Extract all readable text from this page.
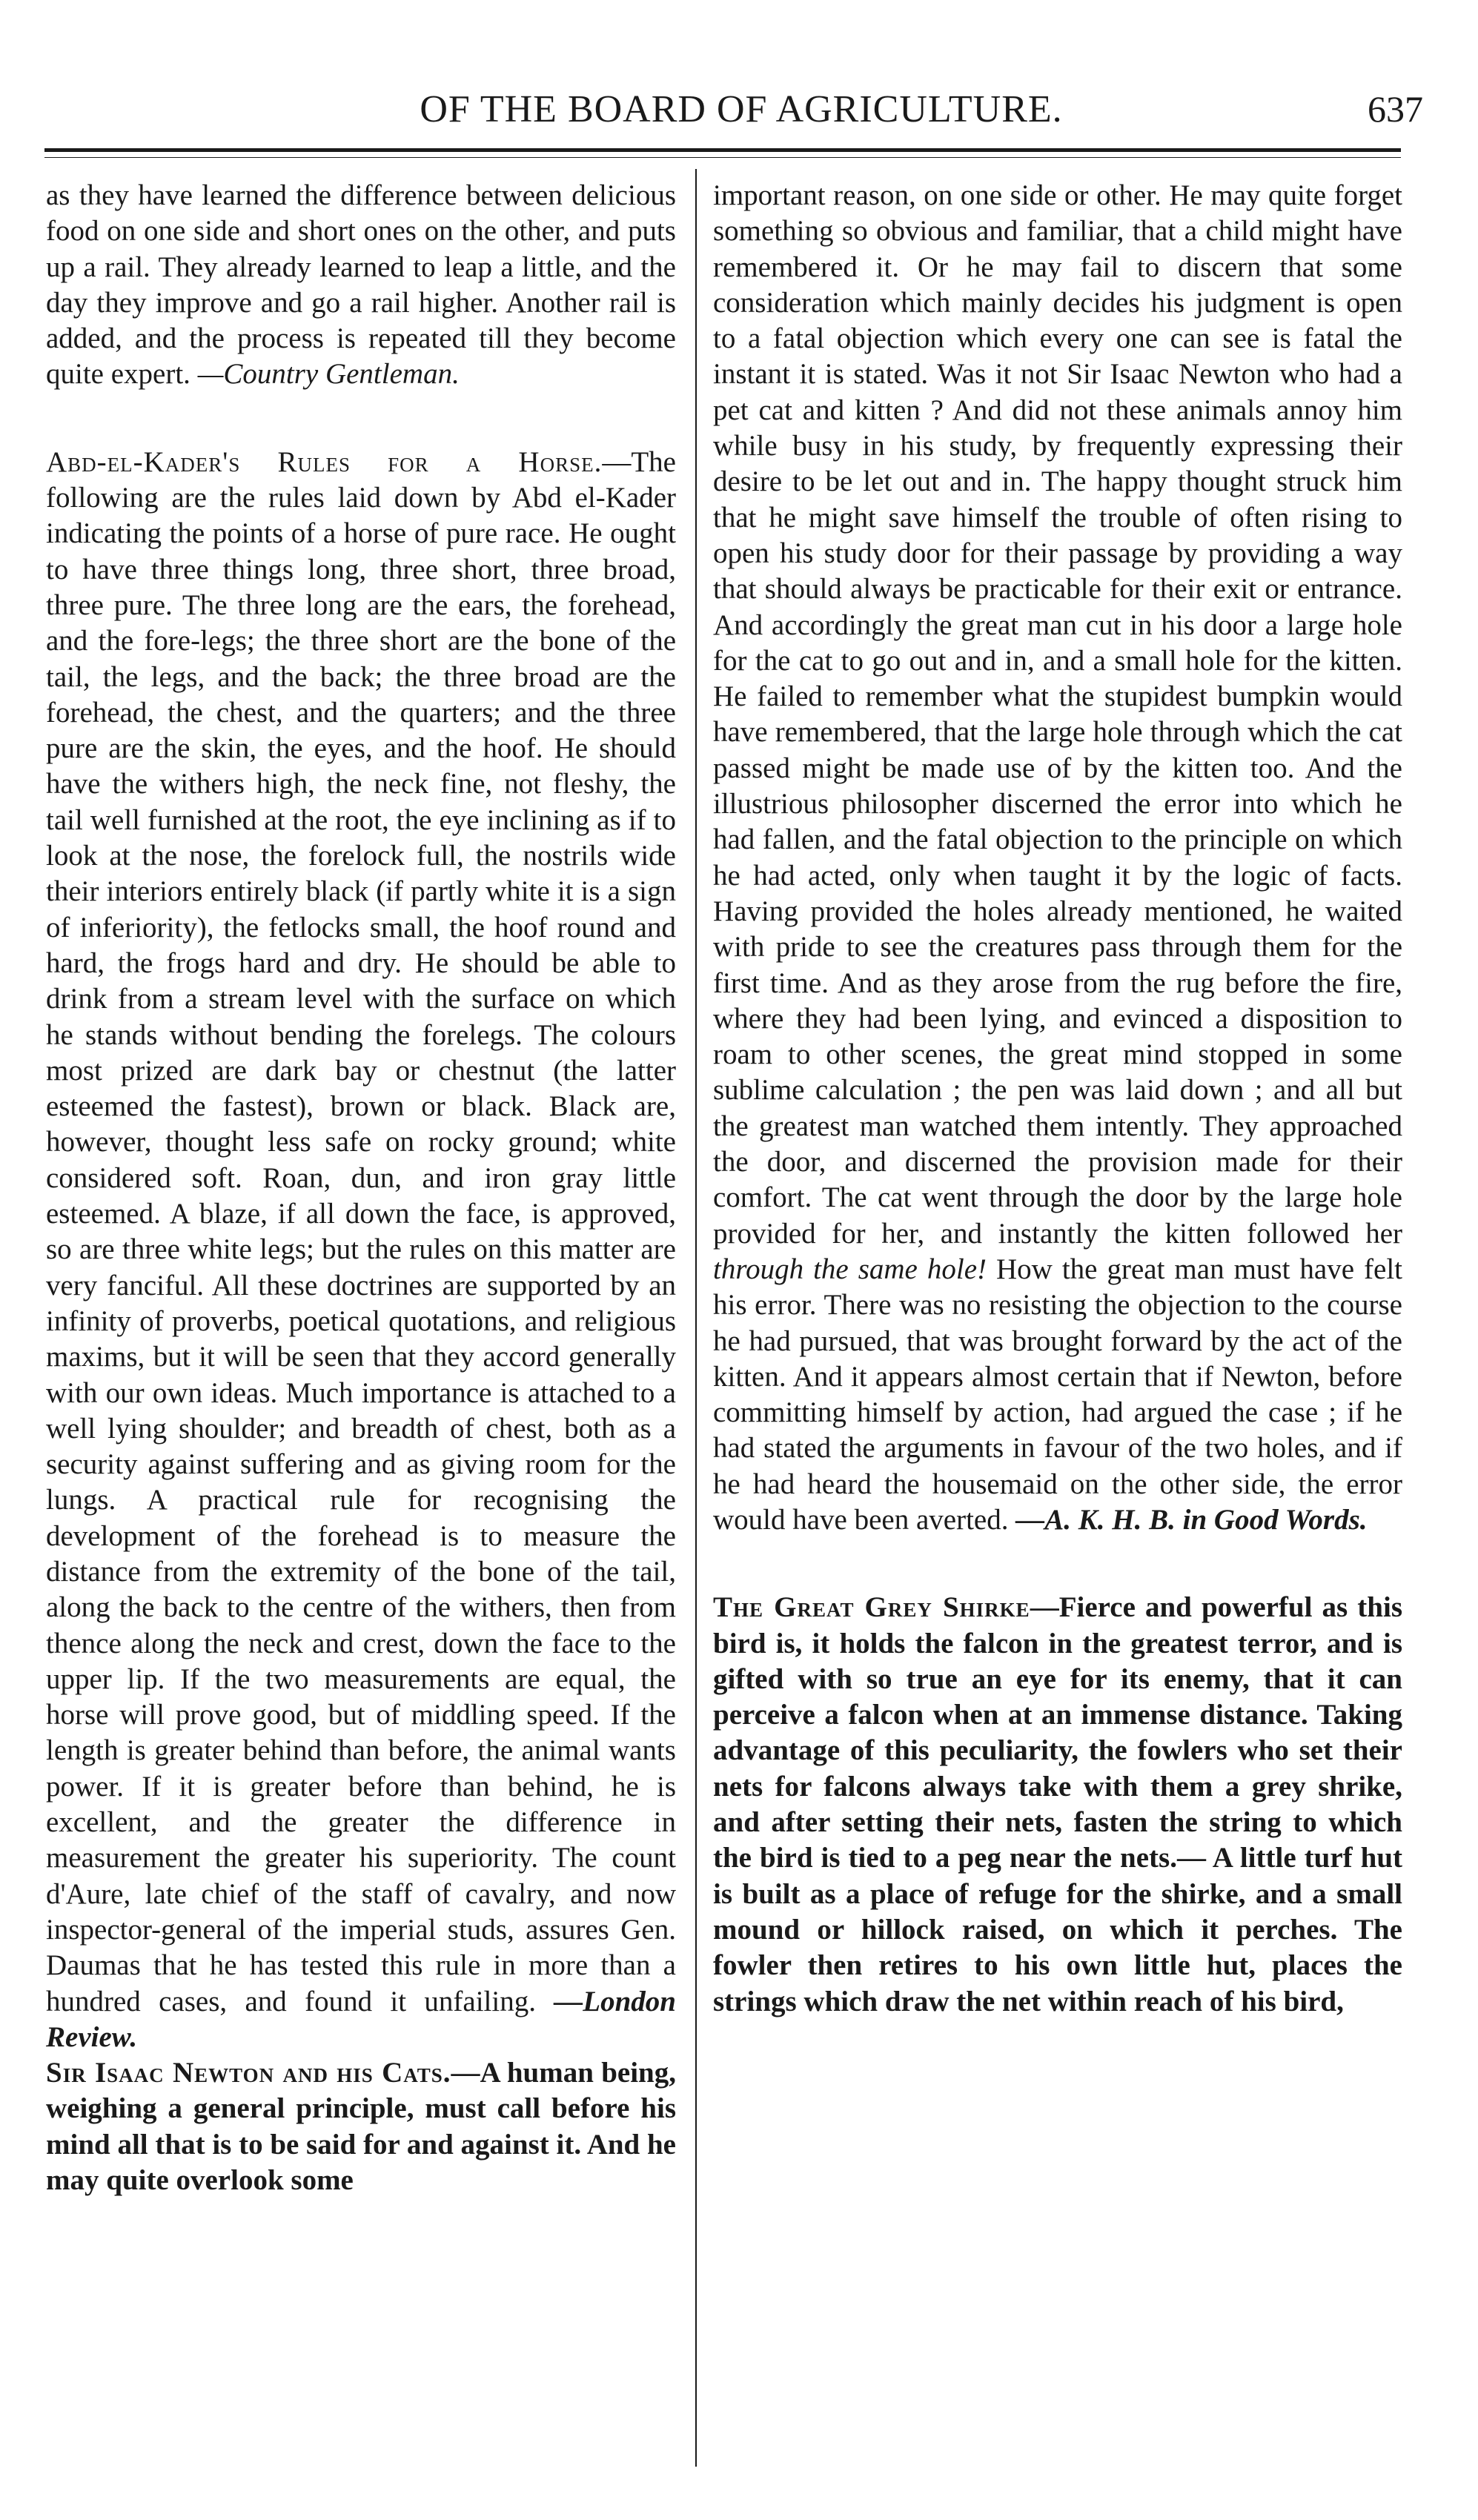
OF THE BOARD OF AGRICULTURE.	637

as they have learned the difference between delicious food on one side and short ones on the other, and puts up a rail. They already learned to leap a little, and the day they improve and go a rail higher. Another rail is added, and the process is repeated till they become quite expert. —Country Gentleman.

Abd-el-Kader's Rules for a Horse.—The following are the rules laid down by Abd el-Kader indicating the points of a horse of pure race. He ought to have three things long, three short, three broad, three pure. The three long are the ears, the forehead, and the fore-legs; the three short are the bone of the tail, the legs, and the back; the three broad are the forehead, the chest, and the quarters; and the three pure are the skin, the eyes, and the hoof. He should have the withers high, the neck fine, not fleshy, the tail well furnished at the root, the eye inclining as if to look at the nose, the forelock full, the nostrils wide their interiors entirely black (if partly white it is a sign of inferiority), the fetlocks small, the hoof round and hard, the frogs hard and dry. He should be able to drink from a stream level with the surface on which he stands without bending the forelegs. The colours most prized are dark bay or chestnut (the latter esteemed the fastest), brown or black. Black are, however, thought less safe on rocky ground; white considered soft. Roan, dun, and iron gray little esteemed. A blaze, if all down the face, is approved, so are three white legs; but the rules on this matter are very fanciful. All these doctrines are supported by an infinity of proverbs, poetical quotations, and religious maxims, but it will be seen that they accord generally with our own ideas. Much importance is attached to a well lying shoulder; and breadth of chest, both as a security against suffering and as giving room for the lungs. A practical rule for recognising the development of the forehead is to measure the distance from the extremity of the bone of the tail, along the back to the centre of the withers, then from thence along the neck and crest, down the face to the upper lip. If the two measurements are equal, the horse will prove good, but of middling speed. If the length is greater behind than before, the animal wants power. If it is greater before than behind, he is excellent, and the greater the difference in measurement the greater his superiority. The count d'Aure, late chief of the staff of cavalry, and now inspector-general of the imperial studs, assures Gen. Daumas that he has tested this rule in more than a hundred cases, and found it unfailing. —London Review.

Sir Isaac Newton and his Cats.—A human being, weighing a general principle, must call before his mind all that is to be said for and against it. And he may quite overlook some

important reason, on one side or other. He may quite forget something so obvious and familiar, that a child might have remembered it. Or he may fail to discern that some consideration which mainly decides his judgment is open to a fatal objection which every one can see is fatal the instant it is stated. Was it not Sir Isaac Newton who had a pet cat and kitten ? And did not these animals annoy him while busy in his study, by frequently expressing their desire to be let out and in. The happy thought struck him that he might save himself the trouble of often rising to open his study door for their passage by providing a way that should always be practicable for their exit or entrance. And accordingly the great man cut in his door a large hole for the cat to go out and in, and a small hole for the kitten. He failed to remember what the stupidest bumpkin would have remembered, that the large hole through which the cat passed might be made use of by the kitten too. And the illustrious philosopher discerned the error into which he had fallen, and the fatal objection to the principle on which he had acted, only when taught it by the logic of facts. Having provided the holes already mentioned, he waited with pride to see the creatures pass through them for the first time. And as they arose from the rug before the fire, where they had been lying, and evinced a disposition to roam to other scenes, the great mind stopped in some sublime calculation ; the pen was laid down ; and all but the greatest man watched them intently. They approached the door, and discerned the provision made for their comfort. The cat went through the door by the large hole provided for her, and instantly the kitten followed her through the same hole! How the great man must have felt his error. There was no resisting the objection to the course he had pursued, that was brought forward by the act of the kitten. And it appears almost certain that if Newton, before committing himself by action, had argued the case ; if he had stated the arguments in favour of the two holes, and if he had heard the housemaid on the other side, the error would have been averted. —A. K. H. B. in Good Words.

The Great Grey Shirke—Fierce and powerful as this bird is, it holds the falcon in the greatest terror, and is gifted with so true an eye for its enemy, that it can perceive a falcon when at an immense distance. Taking advantage of this peculiarity, the fowlers who set their nets for falcons always take with them a grey shrike, and after setting their nets, fasten the string to which the bird is tied to a peg near the nets.— A little turf hut is built as a place of refuge for the shirke, and a small mound or hillock raised, on which it perches. The fowler then retires to his own little hut, places the strings which draw the net within reach of his bird,
